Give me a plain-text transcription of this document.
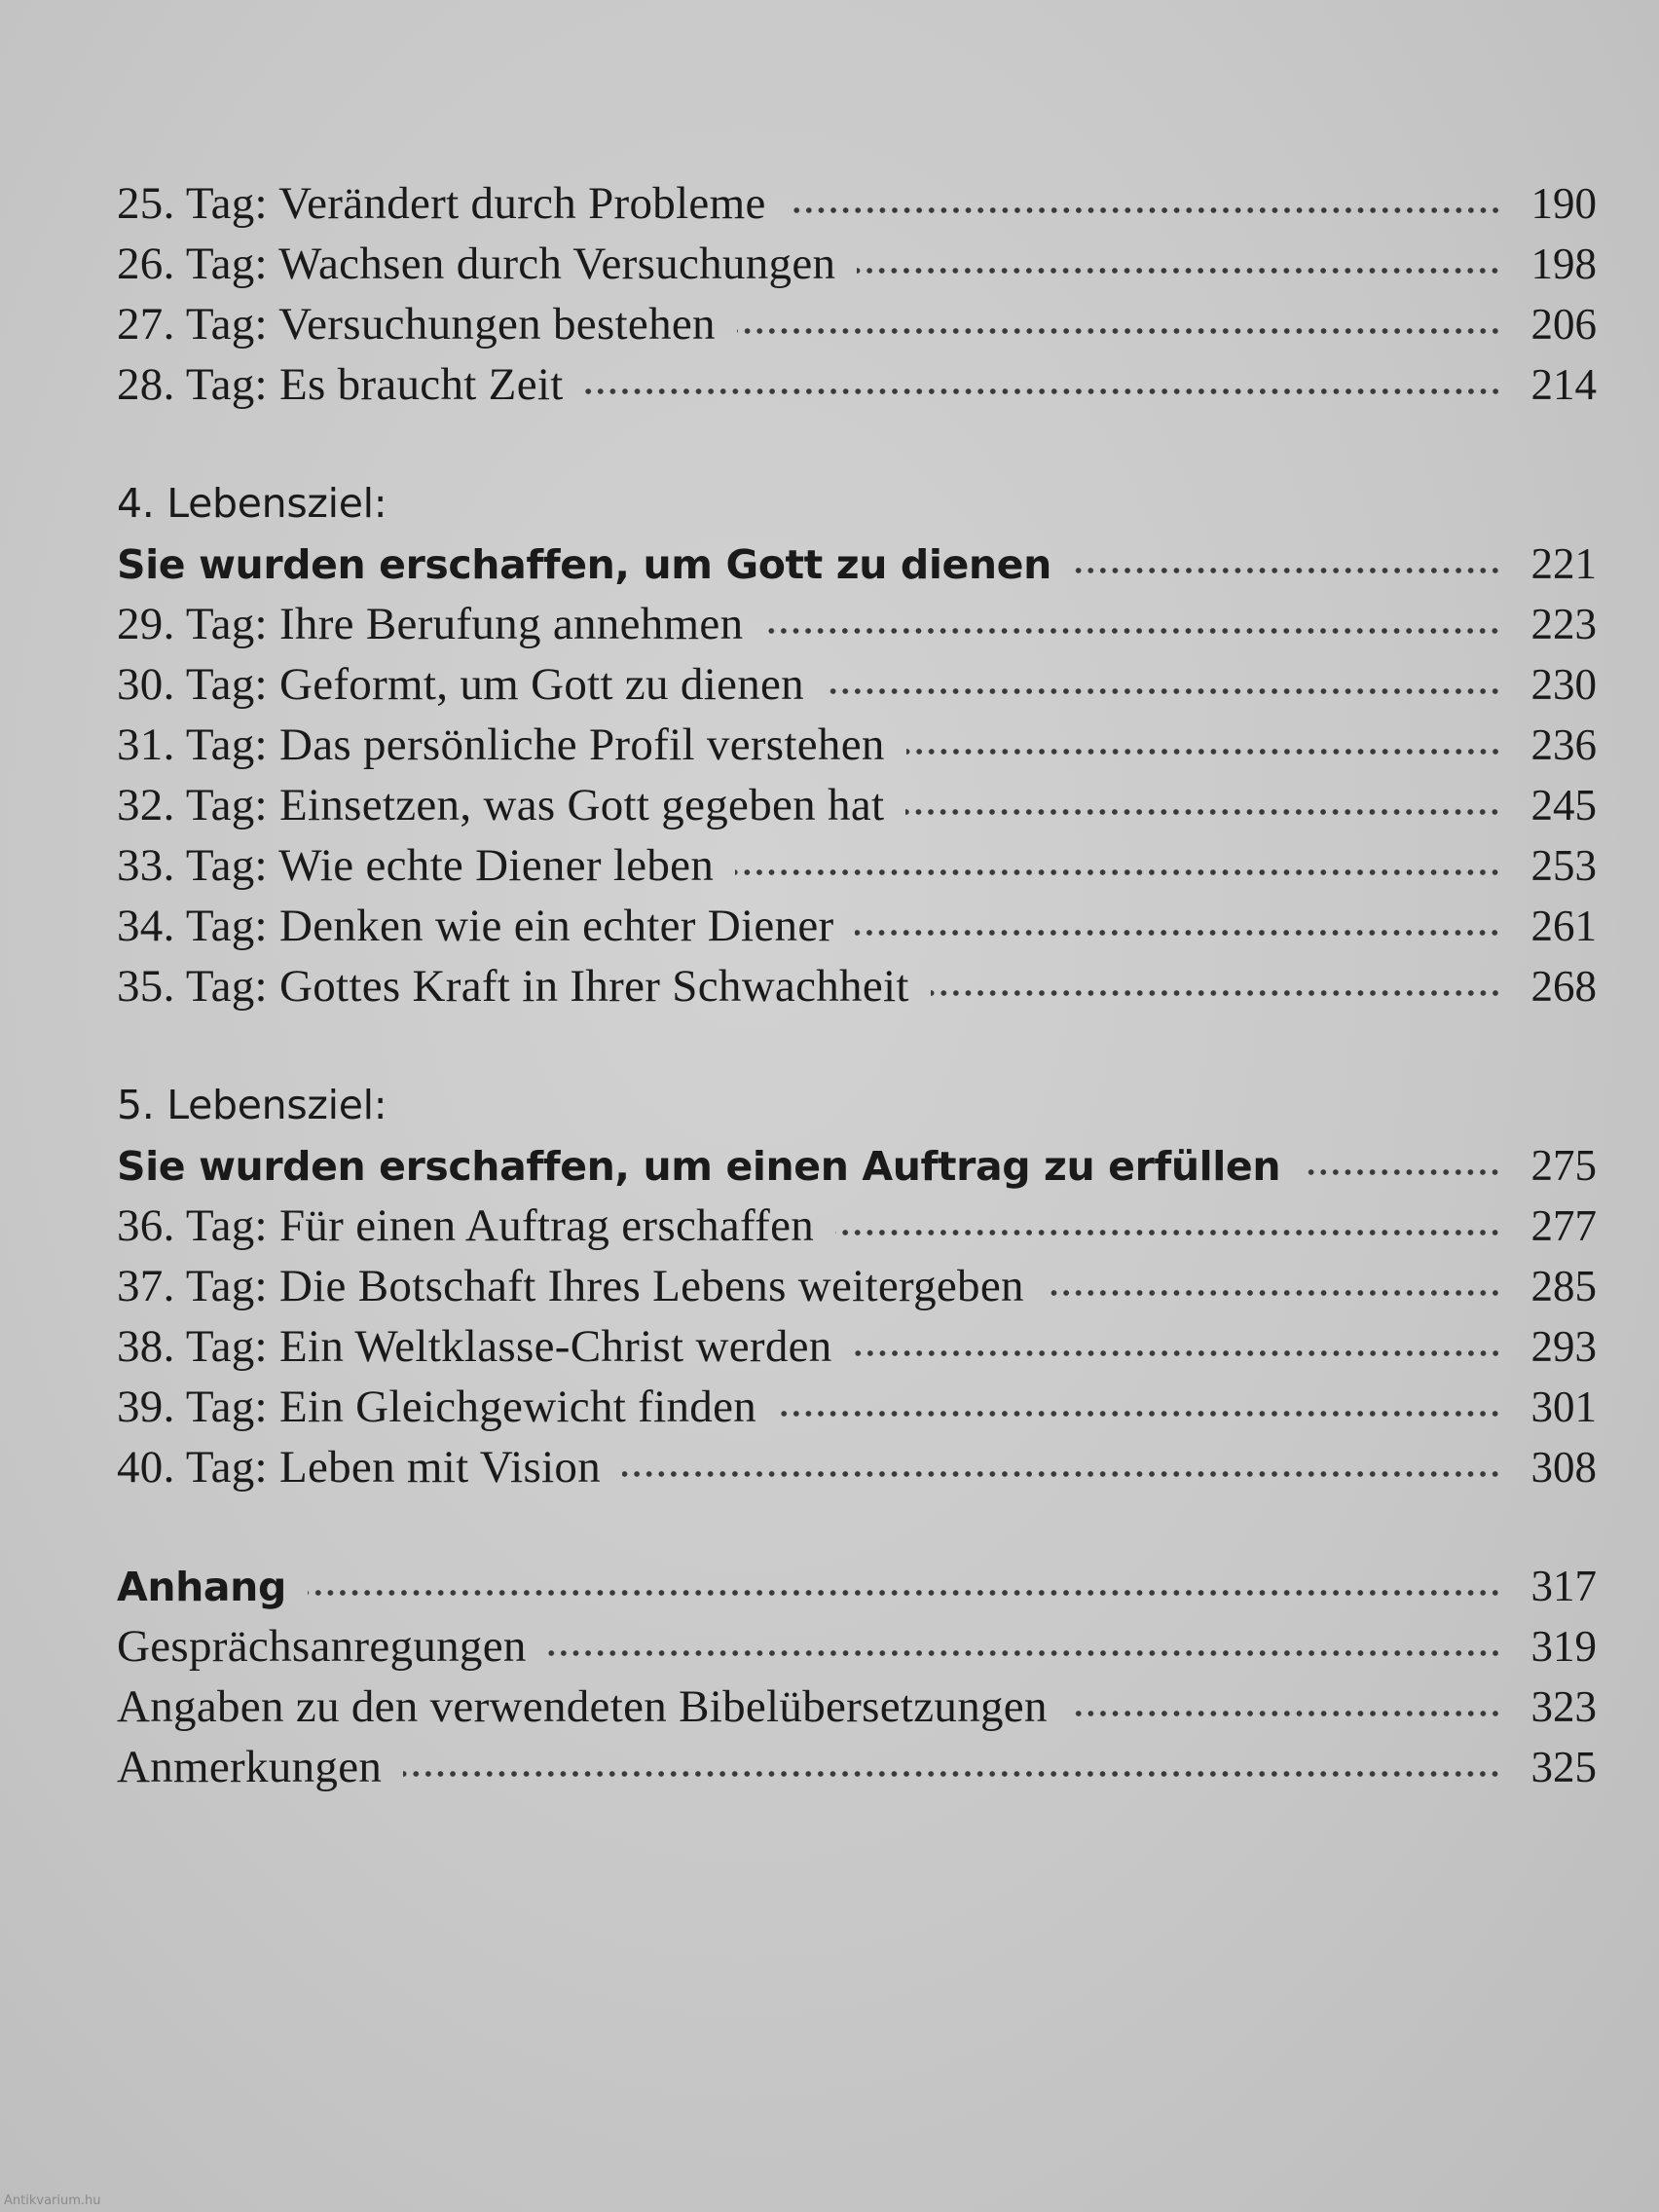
25. Tag: Verändert durch Probleme	190
26. Tag: Wachsen durch Versuchungen	198
27. Tag: Versuchungen bestehen	206
28. Tag: Es braucht Zeit	214
4. Lebensziel:
Sie wurden erschaffen, um Gott zu dienen	221
29. Tag: Ihre Berufung annehmen	223
30. Tag: Geformt, um Gott zu dienen	230
31. Tag: Das persönliche Profil verstehen	236
32. Tag: Einsetzen, was Gott gegeben hat	245
33. Tag: Wie echte Diener leben	253
34. Tag: Denken wie ein echter Diener	261
35. Tag: Gottes Kraft in Ihrer Schwachheit	268
5. Lebensziel:
Sie wurden erschaffen, um einen Auftrag zu erfüllen	275
36. Tag: Für einen Auftrag erschaffen	277
37. Tag: Die Botschaft Ihres Lebens weitergeben	285
38. Tag: Ein Weltklasse-Christ werden	293
39. Tag: Ein Gleichgewicht finden	301
40. Tag: Leben mit Vision	308
Anhang	317
Gesprächsanregungen	319
Angaben zu den verwendeten Bibelübersetzungen	323
Anmerkungen	325
Antikvarium.hu
